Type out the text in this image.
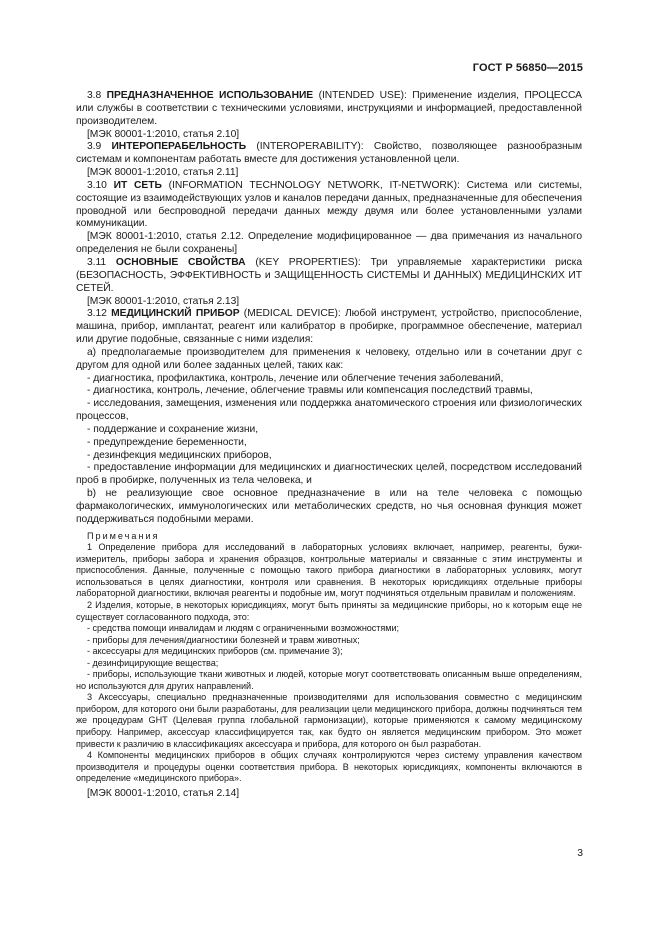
ГОСТ Р 56850—2015

3.8 ПРЕДНАЗНАЧЕННОЕ ИСПОЛЬЗОВАНИЕ (INTENDED USE): Применение изделия, ПРОЦЕССА или службы в соответствии с техническими условиями, инструкциями и информацией, предоставленной производителем.

[МЭК 80001-1:2010, статья 2.10]

3.9 ИНТЕРОПЕРАБЕЛЬНОСТЬ (INTEROPERABILITY): Свойство, позволяющее разнообразным системам и компонентам работать вместе для достижения установленной цели.

[МЭК 80001-1:2010, статья 2.11]

3.10 ИТ СЕТЬ (INFORMATION TECHNOLOGY NETWORK, IT-NETWORK): Система или системы, состоящие из взаимодействующих узлов и каналов передачи данных, предназначенные для обеспечения проводной или беспроводной передачи данных между двумя или более установленными узлами коммуникации.

[МЭК 80001-1:2010, статья 2.12. Определение модифицированное — два примечания из начального определения не были сохранены]

3.11 ОСНОВНЫЕ СВОЙСТВА (KEY PROPERTIES): Три управляемые характеристики риска (БЕЗОПАСНОСТЬ, ЭФФЕКТИВНОСТЬ и ЗАЩИЩЕННОСТЬ СИСТЕМЫ И ДАННЫХ) МЕДИЦИНСКИХ ИТ СЕТЕЙ.

[МЭК 80001-1:2010, статья 2.13]

3.12 МЕДИЦИНСКИЙ ПРИБОР (MEDICAL DEVICE): Любой инструмент, устройство, приспособление, машина, прибор, имплантат, реагент или калибратор в пробирке, программное обеспечение, материал или другие подобные, связанные с ними изделия:

а) предполагаемые производителем для применения к человеку, отдельно или в сочетании друг с другом для одной или более заданных целей, таких как:

- диагностика, профилактика, контроль, лечение или облегчение течения заболеваний,

- диагностика, контроль, лечение, облегчение травмы или компенсация последствий травмы,

- исследования, замещения, изменения или поддержка анатомического строения или физиологических процессов,

- поддержание и сохранение жизни,

- предупреждение беременности,

- дезинфекция медицинских приборов,

- предоставление информации для медицинских и диагностических целей, посредством исследований проб в пробирке, полученных из тела человека, и

b) не реализующие свое основное предназначение в или на теле человека с помощью фармакологических, иммунологических или метаболических средств, но чья основная функция может поддерживаться подобными мерами.

Примечания

1 Определение прибора для исследований в лабораторных условиях включает, например, реагенты, бужи-измеритель, приборы забора и хранения образцов, контрольные материалы и связанные с этим инструменты и приспособления. Данные, полученные с помощью такого прибора диагностики в лабораторных условиях, могут использоваться в целях диагностики, контроля или сравнения. В некоторых юрисдикциях отдельные приборы лабораторной диагностики, включая реагенты и подобные им, могут подчиняться отдельным правилам и положениям.

2 Изделия, которые, в некоторых юрисдикциях, могут быть приняты за медицинские приборы, но к которым еще не существует согласованного подхода, это:

- средства помощи инвалидам и людям с ограниченными возможностями;

- приборы для лечения/диагностики болезней и травм животных;

- аксессуары для медицинских приборов (см. примечание 3);

- дезинфицирующие вещества;

- приборы, использующие ткани животных и людей, которые могут соответствовать описанным выше определениям, но используются для других направлений.

3 Аксессуары, специально предназначенные производителями для использования совместно с медицинским прибором, для которого они были разработаны, для реализации цели медицинского прибора, должны подчиняться тем же процедурам GHT (Целевая группа глобальной гармонизации), которые применяются к самому медицинскому прибору. Например, аксессуар классифицируется так, как будто он является медицинским прибором. Это может привести к различию в классификациях аксессуара и прибора, для которого он был разработан.

4 Компоненты медицинских приборов в общих случаях контролируются через систему управления качеством производителя и процедуры оценки соответствия прибора. В некоторых юрисдикциях, компоненты включаются в определение «медицинского прибора».

[МЭК 80001-1:2010, статья 2.14]

3
